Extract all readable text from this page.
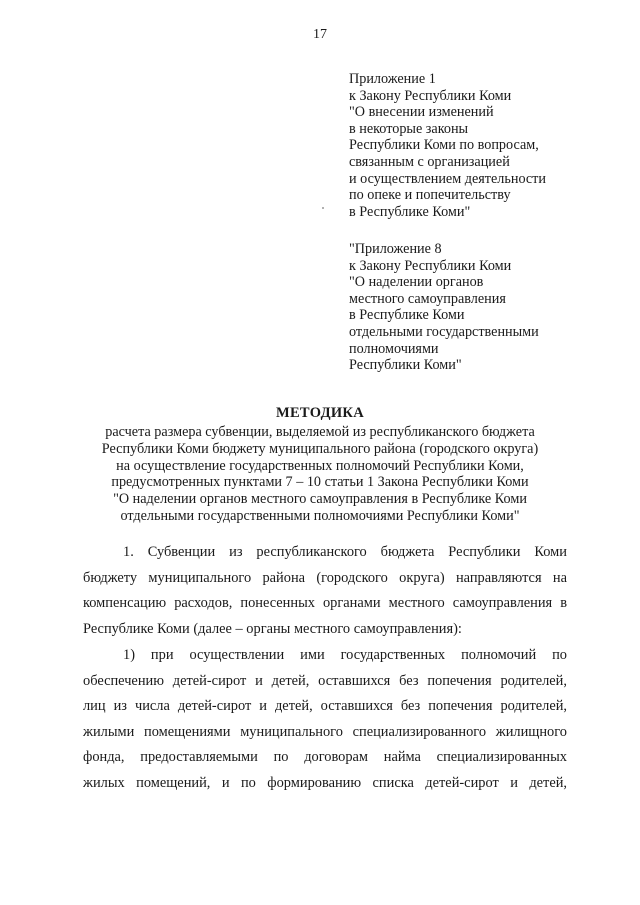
17
Приложение 1
к Закону Республики Коми
"О внесении изменений
в некоторые законы
Республики Коми по вопросам,
связанным с организацией
и осуществлением деятельности
по опеке и попечительству
в Республике Коми"
"Приложение 8
к Закону Республики Коми
"О наделении органов
местного самоуправления
в Республике Коми
отдельными государственными
полномочиями
Республики Коми"
МЕТОДИКА
расчета размера субвенции, выделяемой из республиканского бюджета
Республики Коми бюджету муниципального района (городского округа)
на осуществление государственных полномочий Республики Коми,
предусмотренных пунктами 7 – 10 статьи 1 Закона Республики Коми
"О наделении органов местного самоуправления в Республике Коми
отдельными государственными полномочиями Республики Коми"
1. Субвенции из республиканского бюджета Республики Коми
бюджету муниципального района (городского округа) направляются на
компенсацию расходов, понесенных органами местного самоуправления в
Республике Коми (далее – органы местного самоуправления):
1) при осуществлении ими государственных полномочий по
обеспечению детей-сирот и детей, оставшихся без попечения родителей,
лиц из числа детей-сирот и детей, оставшихся без попечения родителей,
жилыми помещениями муниципального специализированного жилищного
фонда, предоставляемыми по договорам найма специализированных
жилых помещений, и по формированию списка детей-сирот и детей,
